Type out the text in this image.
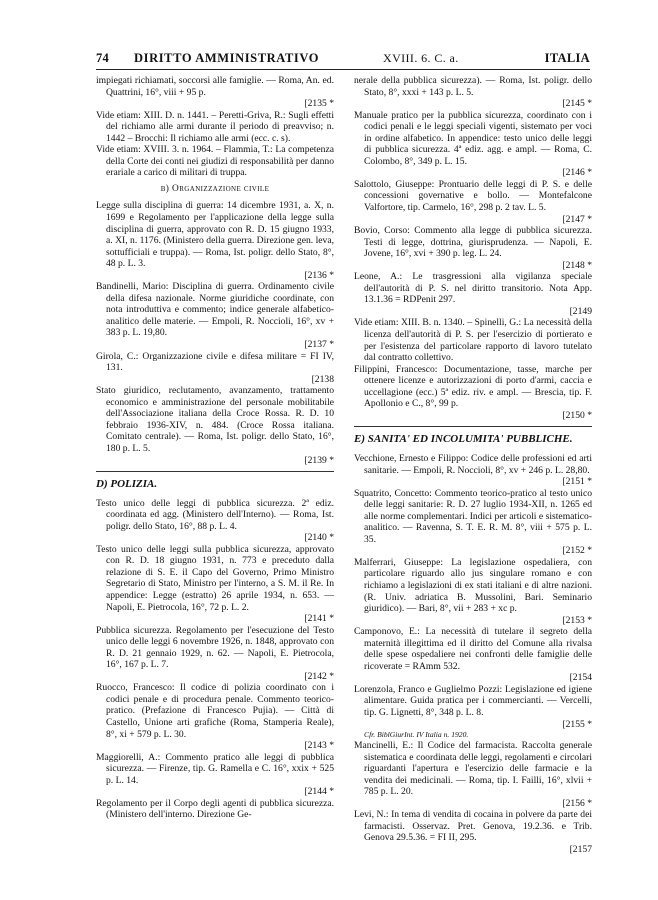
74 DIRITTO AMMINISTRATIVO	XVIII. 6. C. a.	ITALIA

impiegati richiamati, soccorsi alle famiglie. — Roma, An. ed. Quattrini, 16°, viii + 95 p.
[2135 *

Vide etiam: XIII. D. n. 1441. – Peretti-Griva, R.: Sugli effetti del richiamo alle armi durante il periodo di preavviso; n. 1442 – Brocchi: Il richiamo alle armi (ecc. c. s).

Vide etiam: XVIII. 3. n. 1964. – Flammia, T.: La competenza della Corte dei conti nei giudizi di responsabilità per danno erariale a carico di militari di truppa.

b) Organizzazione civile

Legge sulla disciplina di guerra: 14 dicembre 1931, a. X, n. 1699 e Regolamento per l'applicazione della legge sulla disciplina di guerra, approvato con R. D. 15 giugno 1933, a. XI, n. 1176. (Ministero della guerra. Direzione gen. leva, sottufficiali e truppa). — Roma, Ist. poligr. dello Stato, 8°, 48 p. L. 3.
[2136 *

Bandinelli, Mario: Disciplina di guerra. Ordinamento civile della difesa nazionale. Norme giuridiche coordinate, con nota introduttiva e commento; indice generale alfabetico-analitico delle materie. — Empoli, R. Noccioli, 16°, xv + 383 p. L. 19,80.
[2137 *

Girola, C.: Organizzazione civile e difesa militare = FI IV, 131.
[2138

Stato giuridico, reclutamento, avanzamento, trattamento economico e amministrazione del personale mobilitabile dell'Associazione italiana della Croce Rossa. R. D. 10 febbraio 1936-XIV, n. 484. (Croce Rossa italiana. Comitato centrale). — Roma, Ist. poligr. dello Stato, 16°, 180 p. L. 5.
[2139 *

D) POLIZIA.

Testo unico delle leggi di pubblica sicurezza. 2ª ediz. coordinata ed agg. (Ministero dell'Interno). — Roma, Ist. poligr. dello Stato, 16°, 88 p. L. 4.
[2140 *

Testo unico delle leggi sulla pubblica sicurezza, approvato con R. D. 18 giugno 1931, n. 773 e preceduto dalla relazione di S. E. il Capo del Governo, Primo Ministro Segretario di Stato, Ministro per l'interno, a S. M. il Re. In appendice: Legge (estratto) 26 aprile 1934, n. 653. — Napoli, E. Pietrocola, 16°, 72 p. L. 2.
[2141 *

Pubblica sicurezza. Regolamento per l'esecuzione del Testo unico delle leggi 6 novembre 1926, n. 1848, approvato con R. D. 21 gennaio 1929, n. 62. — Napoli, E. Pietrocola, 16°, 167 p. L. 7.
[2142 *

Ruocco, Francesco: Il codice di polizia coordinato con i codici penale e di procedura penale. Commento teorico-pratico. (Prefazione di Francesco Pujia). — Città di Castello, Unione arti grafiche (Roma, Stamperia Reale), 8°, xi + 579 p. L. 30.
[2143 *

Maggiorelli, A.: Commento pratico alle leggi di pubblica sicurezza. — Firenze, tip. G. Ramella e C. 16°, xxix + 525 p. L. 14.
[2144 *

Regolamento per il Corpo degli agenti di pubblica sicurezza. (Ministero dell'interno. Direzione Ge-

nerale della pubblica sicurezza). — Roma, Ist. poligr. dello Stato, 8°, xxxi + 143 p. L. 5.
[2145 *

Manuale pratico per la pubblica sicurezza, coordinato con i codici penali e le leggi speciali vigenti, sistemato per voci in ordine alfabetico. In appendice: testo unico delle leggi di pubblica sicurezza. 4ª ediz. agg. e ampl. — Roma, C. Colombo, 8°, 349 p. L. 15.
[2146 *

Salottolo, Giuseppe: Prontuario delle leggi di P. S. e delle concessioni governative e bollo. — Montefalcone Valfortore, tip. Carmelo, 16°, 298 p. 2 tav. L. 5.
[2147 *

Bovio, Corso: Commento alla legge di pubblica sicurezza. Testi di legge, dottrina, giurisprudenza. — Napoli, E. Jovene, 16°, xvi + 390 p. leg. L. 24.
[2148 *

Leone, A.: Le trasgressioni alla vigilanza speciale dell'autorità di P. S. nel diritto transitorio. Nota App. 13.1.36 = RDPenit 297.
[2149

Vide etiam: XIII. B. n. 1340. – Spinelli, G.: La necessità della licenza dell'autorità di P. S. per l'esercizio di portierato e per l'esistenza del particolare rapporto di lavoro tutelato dal contratto collettivo.

Filippini, Francesco: Documentazione, tasse, marche per ottenere licenze e autorizzazioni di porto d'armi, caccia e uccellagione (ecc.) 5ª ediz. riv. e ampl. — Brescia, tip. F. Apollonio e C., 8°, 99 p.
[2150 *

E) SANITA' ED INCOLUMITA' PUBBLICHE.

Vecchione, Ernesto e Filippo: Codice delle professioni ed arti sanitarie. — Empoli, R. Noccioli, 8°, xv + 246 p. L. 28,80.
[2151 *

Squatrito, Concetto: Commento teorico-pratico al testo unico delle leggi sanitarie: R. D. 27 luglio 1934-XII, n. 1265 ed alle norme complementari. Indici per articoli e sistematico-analitico. — Ravenna, S. T. E. R. M. 8°, viii + 575 p. L. 35.
[2152 *

Malferrari, Giuseppe: La legislazione ospedaliera, con particolare riguardo allo jus singulare romano e con richiamo a legislazioni di ex stati italiani e di altre nazioni. (R. Univ. adriatica B. Mussolini, Bari. Seminario giuridico). — Bari, 8°, vii + 283 + xc p.
[2153 *

Camponovo, E.: La necessità di tutelare il segreto della maternità illegittima ed il diritto del Comune alla rivalsa delle spese ospedaliere nei confronti delle famiglie delle ricoverate = RAmm 532.
[2154

Lorenzola, Franco e Guglielmo Pozzi: Legislazione ed igiene alimentare. Guida pratica per i commercianti. — Vercelli, tip. G. Lignetti, 8°, 348 p. L. 8.
[2155 *

Cfr. BiblGiurInt. IV Italia n. 1920.

Mancinelli, E.: Il Codice del farmacista. Raccolta generale sistematica e coordinata delle leggi, regolamenti e circolari riguardanti l'apertura e l'esercizio delle farmacie e la vendita dei medicinali. — Roma, tip. I. Failli, 16°, xlvii + 785 p. L. 20.
[2156 *

Levi, N.: In tema di vendita di cocaina in polvere da parte dei farmacisti. Osservaz. Pret. Genova, 19.2.36. e Trib. Genova 29.5.36. = FI II, 295.
[2157
